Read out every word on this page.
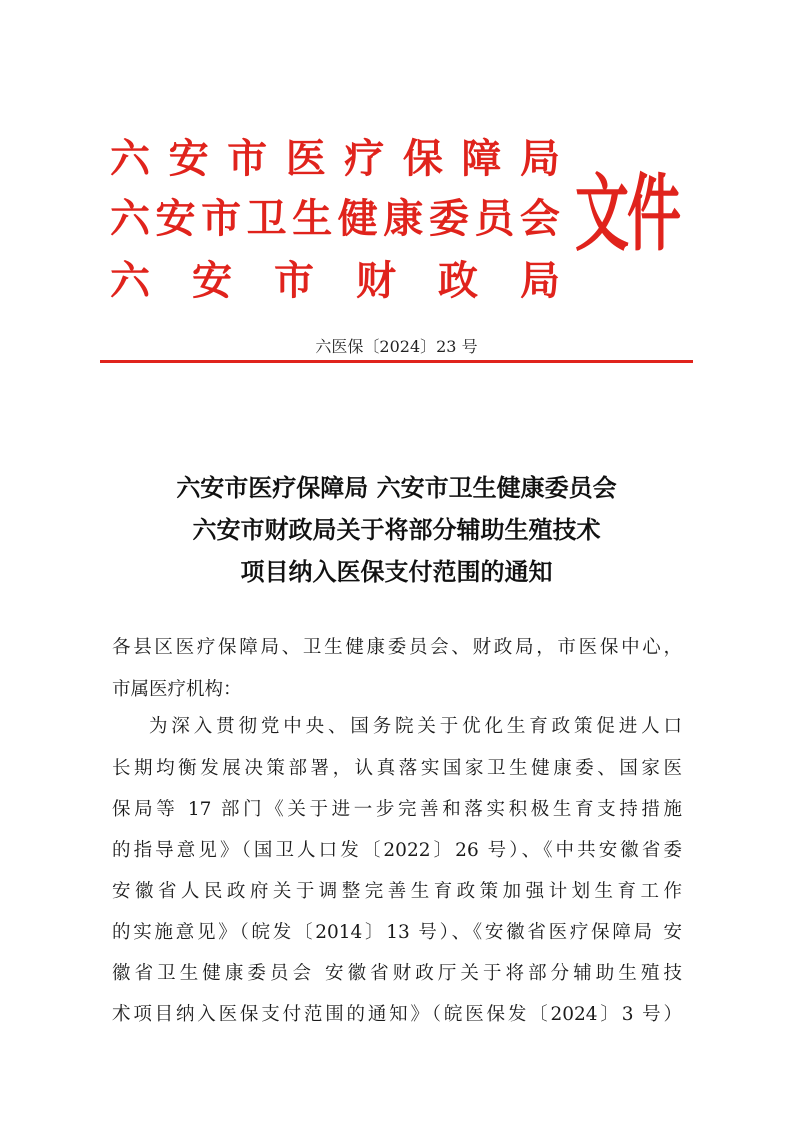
六 安 市 医 疗 保 障 局
六 安 市 卫 生 健 康 委 员 会
六 安 市 财 政 局
文件
六医保〔2024〕23 号
六安市医疗保障局 六安市卫生健康委员会
六安市财政局关于将部分辅助生殖技术
项目纳入医保支付范围的通知
各县区医疗保障局、卫生健康委员会、财政局，市医保中心，
市属医疗机构：
为深入贯彻党中央、国务院关于优化生育政策促进人口
长期均衡发展决策部署，认真落实国家卫生健康委、国家医
保局等 17 部门《关于进一步完善和落实积极生育支持措施
的指导意见》（国卫人口发〔2022〕26 号）、《中共安徽省委
安徽省人民政府关于调整完善生育政策加强计划生育工作
的实施意见》（皖发〔2014〕13 号）、《安徽省医疗保障局 安
徽省卫生健康委员会 安徽省财政厅关于将部分辅助生殖技
术项目纳入医保支付范围的通知》（皖医保发〔2024〕3 号）
